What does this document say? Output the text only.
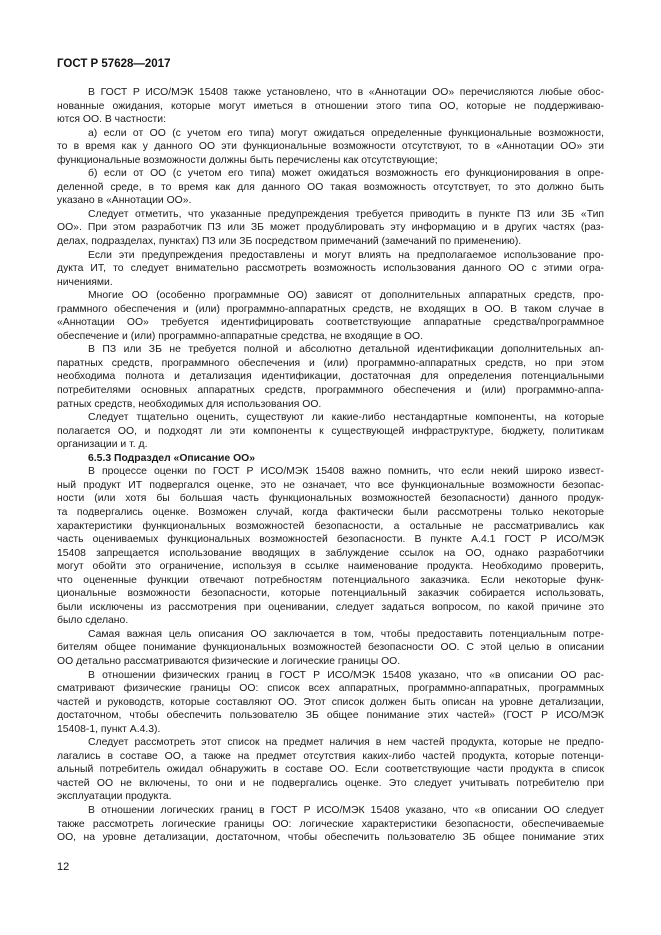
ГОСТ Р 57628—2017
В ГОСТ Р ИСО/МЭК 15408 также установлено, что в «Аннотации ОО» перечисляются любые обос-
нованные ожидания, которые могут иметься в отношении этого типа ОО, которые не поддерживаю-
ются ОО. В частности:
а) если от ОО (с учетом его типа) могут ожидаться определенные функциональные возможности,
то в время как у данного ОО эти функциональные возможности отсутствуют, то в «Аннотации ОО» эти
функциональные возможности должны быть перечислены как отсутствующие;
б) если от ОО (с учетом его типа) может ожидаться возможность его функционирования в опре-
деленной среде, в то время как для данного ОО такая возможность отсутствует, то это должно быть
указано в «Аннотации ОО».
Следует отметить, что указанные предупреждения требуется приводить в пункте ПЗ или ЗБ «Тип
ОО». При этом разработчик ПЗ или ЗБ может продублировать эту информацию и в других частях (раз-
делах, подразделах, пунктах) ПЗ или ЗБ посредством примечаний (замечаний по применению).
Если эти предупреждения предоставлены и могут влиять на предполагаемое использование про-
дукта ИТ, то следует внимательно рассмотреть возможность использования данного ОО с этими огра-
ничениями.
Многие ОО (особенно программные ОО) зависят от дополнительных аппаратных средств, про-
граммного обеспечения и (или) программно-аппаратных средств, не входящих в ОО. В таком случае в
«Аннотации ОО» требуется идентифицировать соответствующие аппаратные средства/программное
обеспечение и (или) программно-аппаратные средства, не входящие в ОО.
В ПЗ или ЗБ не требуется полной и абсолютно детальной идентификации дополнительных ап-
паратных средств, программного обеспечения и (или) программно-аппаратных средств, но при этом
необходима полнота и детализация идентификации, достаточная для определения потенциальными
потребителями основных аппаратных средств, программного обеспечения и (или) программно-аппа-
ратных средств, необходимых для использования ОО.
Следует тщательно оценить, существуют ли какие-либо нестандартные компоненты, на которые
полагается ОО, и подходят ли эти компоненты к существующей инфраструктуре, бюджету, политикам
организации и т. д.
6.5.3 Подраздел «Описание ОО»
В процессе оценки по ГОСТ Р ИСО/МЭК 15408 важно помнить, что если некий широко извест-
ный продукт ИТ подвергался оценке, это не означает, что все функциональные возможности безопас-
ности (или хотя бы большая часть функциональных возможностей безопасности) данного продук-
та подвергались оценке. Возможен случай, когда фактически были рассмотрены только некоторые
характеристики функциональных возможностей безопасности, а остальные не рассматривались как
часть оцениваемых функциональных возможностей безопасности. В пункте А.4.1 ГОСТ Р ИСО/МЭК
15408 запрещается использование вводящих в заблуждение ссылок на ОО, однако разработчики
могут обойти это ограничение, используя в ссылке наименование продукта. Необходимо проверить,
что оцененные функции отвечают потребностям потенциального заказчика. Если некоторые функ-
циональные возможности безопасности, которые потенциальный заказчик собирается использовать,
были исключены из рассмотрения при оценивании, следует задаться вопросом, по какой причине это
было сделано.
Самая важная цель описания ОО заключается в том, чтобы предоставить потенциальным потре-
бителям общее понимание функциональных возможностей безопасности ОО. С этой целью в описании
ОО детально рассматриваются физические и логические границы ОО.
В отношении физических границ в ГОСТ Р ИСО/МЭК 15408 указано, что «в описании ОО рас-
сматривают физические границы ОО: список всех аппаратных, программно-аппаратных, программных
частей и руководств, которые составляют ОО. Этот список должен быть описан на уровне детализации,
достаточном, чтобы обеспечить пользователю ЗБ общее понимание этих частей» (ГОСТ Р ИСО/МЭК
15408-1, пункт А.4.3).
Следует рассмотреть этот список на предмет наличия в нем частей продукта, которые не предпо-
лагались в составе ОО, а также на предмет отсутствия каких-либо частей продукта, которые потенци-
альный потребитель ожидал обнаружить в составе ОО. Если соответствующие части продукта в список
частей ОО не включены, то они и не подвергались оценке. Это следует учитывать потребителю при
эксплуатации продукта.
В отношении логических границ в ГОСТ Р ИСО/МЭК 15408 указано, что «в описании ОО следует
также рассмотреть логические границы ОО: логические характеристики безопасности, обеспечиваемые
ОО, на уровне детализации, достаточном, чтобы обеспечить пользователю ЗБ общее понимание этих
12
